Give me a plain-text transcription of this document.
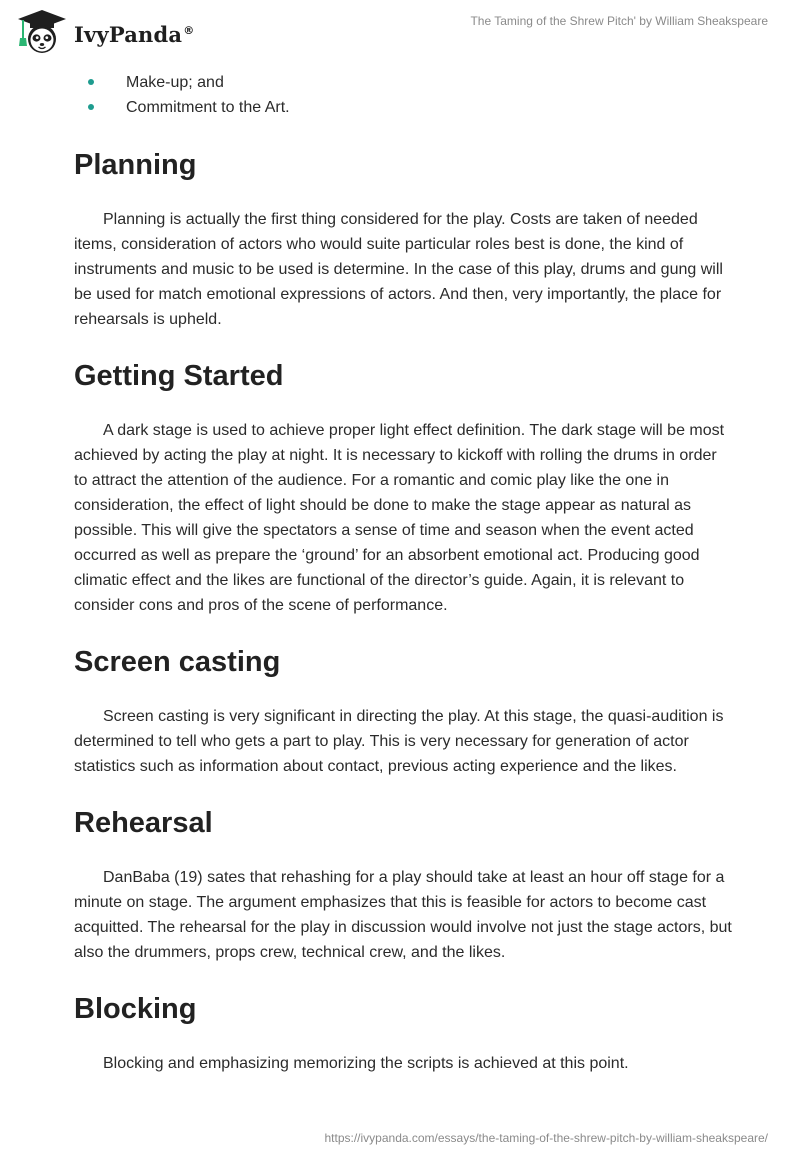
IvyPanda®
The Taming of the Shrew Pitch' by William Sheakspeare
Make-up; and
Commitment to the Art.
Planning

Planning is actually the first thing considered for the play. Costs are taken of needed items, consideration of actors who would suite particular roles best is done, the kind of instruments and music to be used is determine. In the case of this play, drums and gung will be used for match emotional expressions of actors. And then, very importantly, the place for rehearsals is upheld.

Getting Started

A dark stage is used to achieve proper light effect definition. The dark stage will be most achieved by acting the play at night. It is necessary to kickoff with rolling the drums in order to attract the attention of the audience. For a romantic and comic play like the one in consideration, the effect of light should be done to make the stage appear as natural as possible. This will give the spectators a sense of time and season when the event acted occurred as well as prepare the ‘ground’ for an absorbent emotional act. Producing good climatic effect and the likes are functional of the director’s guide. Again, it is relevant to consider cons and pros of the scene of performance.

Screen casting

Screen casting is very significant in directing the play. At this stage, the quasi-audition is determined to tell who gets a part to play. This is very necessary for generation of actor statistics such as information about contact, previous acting experience and the likes.

Rehearsal

DanBaba (19) sates that rehashing for a play should take at least an hour off stage for a minute on stage. The argument emphasizes that this is feasible for actors to become cast acquitted. The rehearsal for the play in discussion would involve not just the stage actors, but also the drummers, props crew, technical crew, and the likes.

Blocking

Blocking and emphasizing memorizing the scripts is achieved at this point.

https://ivypanda.com/essays/the-taming-of-the-shrew-pitch-by-william-sheakspeare/
